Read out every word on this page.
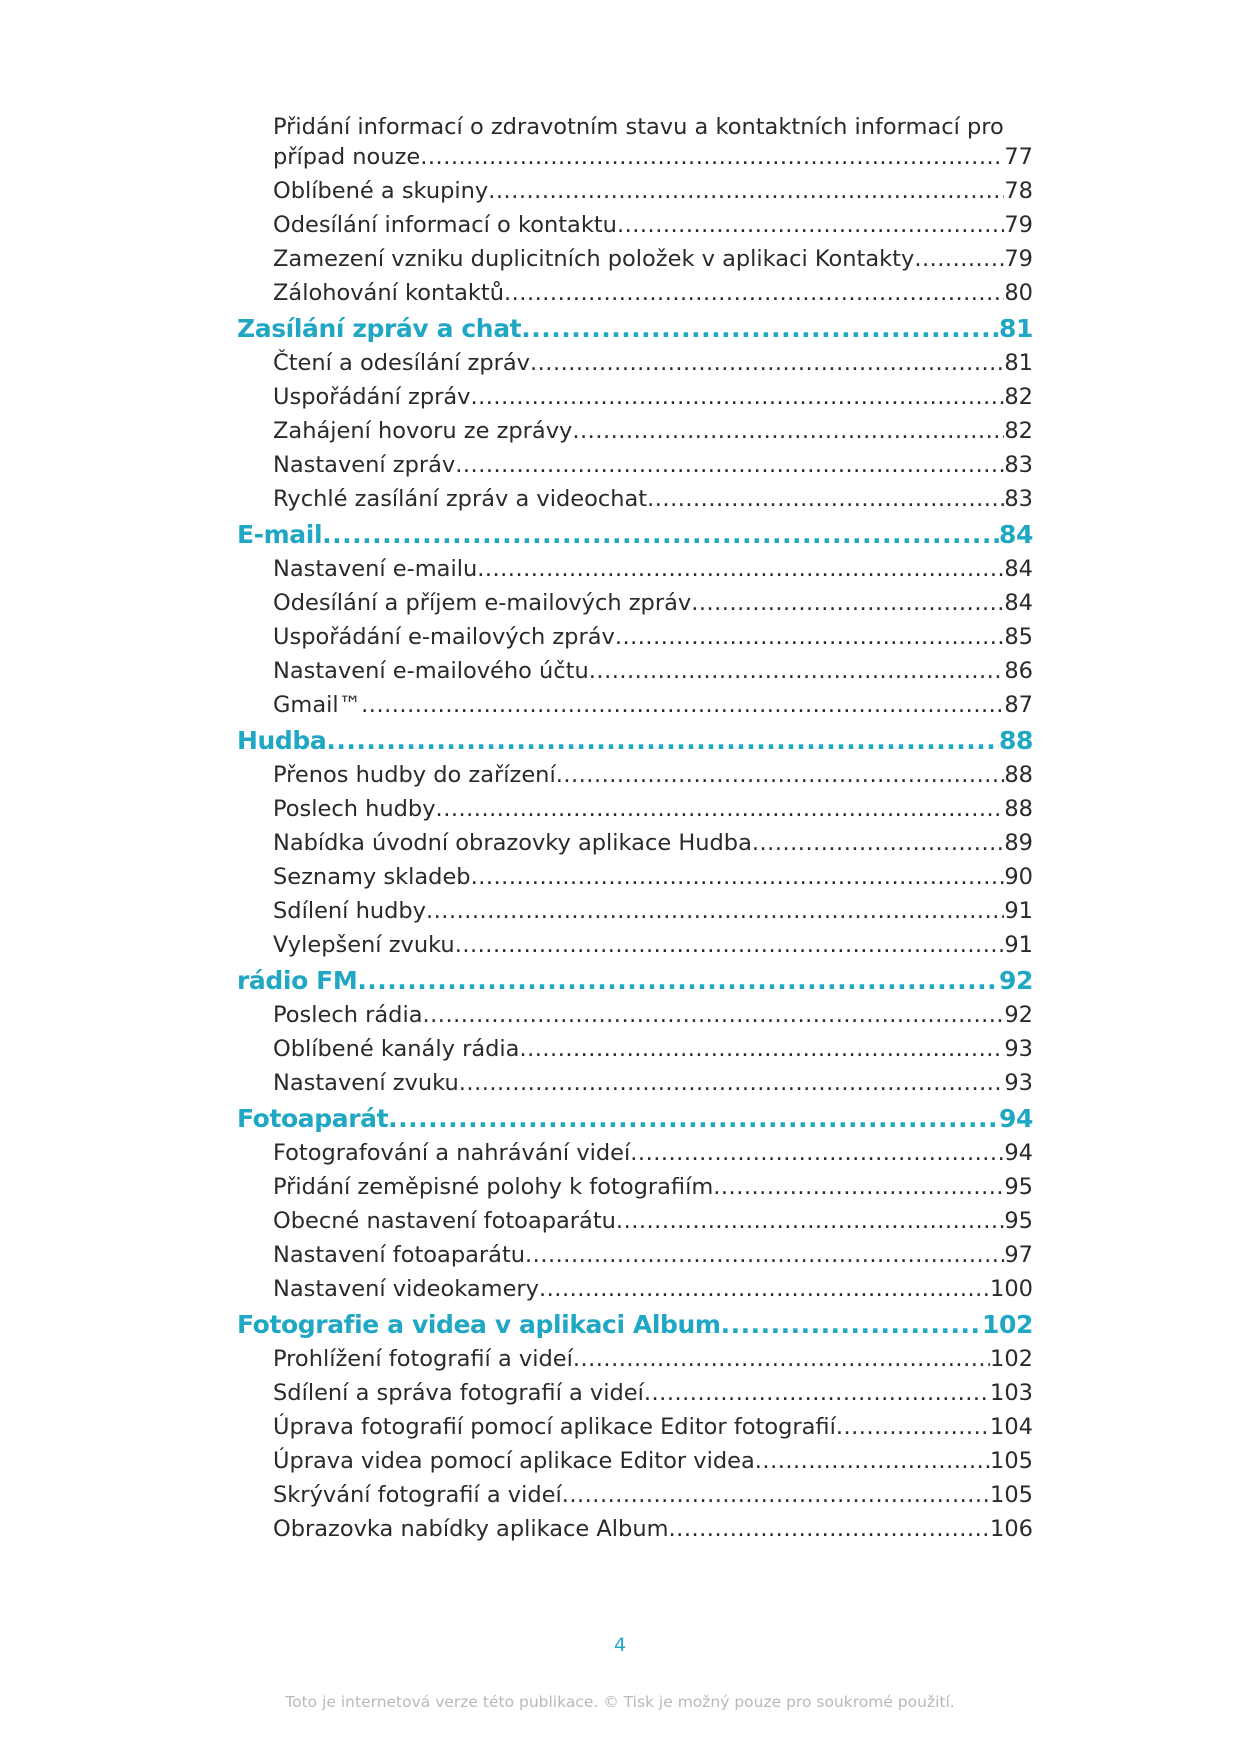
Přidání informací o zdravotním stavu a kontaktních informací pro
případ nouze .....	77
Oblíbené a skupiny .....	78
Odesílání informací o kontaktu .....	79
Zamezení vzniku duplicitních položek v aplikaci Kontakty .....	79
Zálohování kontaktů .....	80
Zasílání zpráv a chat .....	81
Čtení a odesílání zpráv .....	81
Uspořádání zpráv .....	82
Zahájení hovoru ze zprávy .....	82
Nastavení zpráv .....	83
Rychlé zasílání zpráv a videochat .....	83
E-mail .....	84
Nastavení e-mailu .....	84
Odesílání a příjem e-mailových zpráv .....	84
Uspořádání e-mailových zpráv .....	85
Nastavení e-mailového účtu .....	86
Gmail™ .....	87
Hudba .....	88
Přenos hudby do zařízení .....	88
Poslech hudby .....	88
Nabídka úvodní obrazovky aplikace Hudba .....	89
Seznamy skladeb .....	90
Sdílení hudby .....	91
Vylepšení zvuku .....	91
rádio FM .....	92
Poslech rádia .....	92
Oblíbené kanály rádia .....	93
Nastavení zvuku .....	93
Fotoaparát .....	94
Fotografování a nahrávání videí .....	94
Přidání zeměpisné polohy k fotografiím .....	95
Obecné nastavení fotoaparátu .....	95
Nastavení fotoaparátu .....	97
Nastavení videokamery .....	100
Fotografie a videa v aplikaci Album .....	102
Prohlížení fotografií a videí .....	102
Sdílení a správa fotografií a videí .....	103
Úprava fotografií pomocí aplikace Editor fotografií .....	104
Úprava videa pomocí aplikace Editor videa .....	105
Skrývání fotografií a videí .....	105
Obrazovka nabídky aplikace Album .....	106
4
Toto je internetová verze této publikace. © Tisk je možný pouze pro soukromé použití.
